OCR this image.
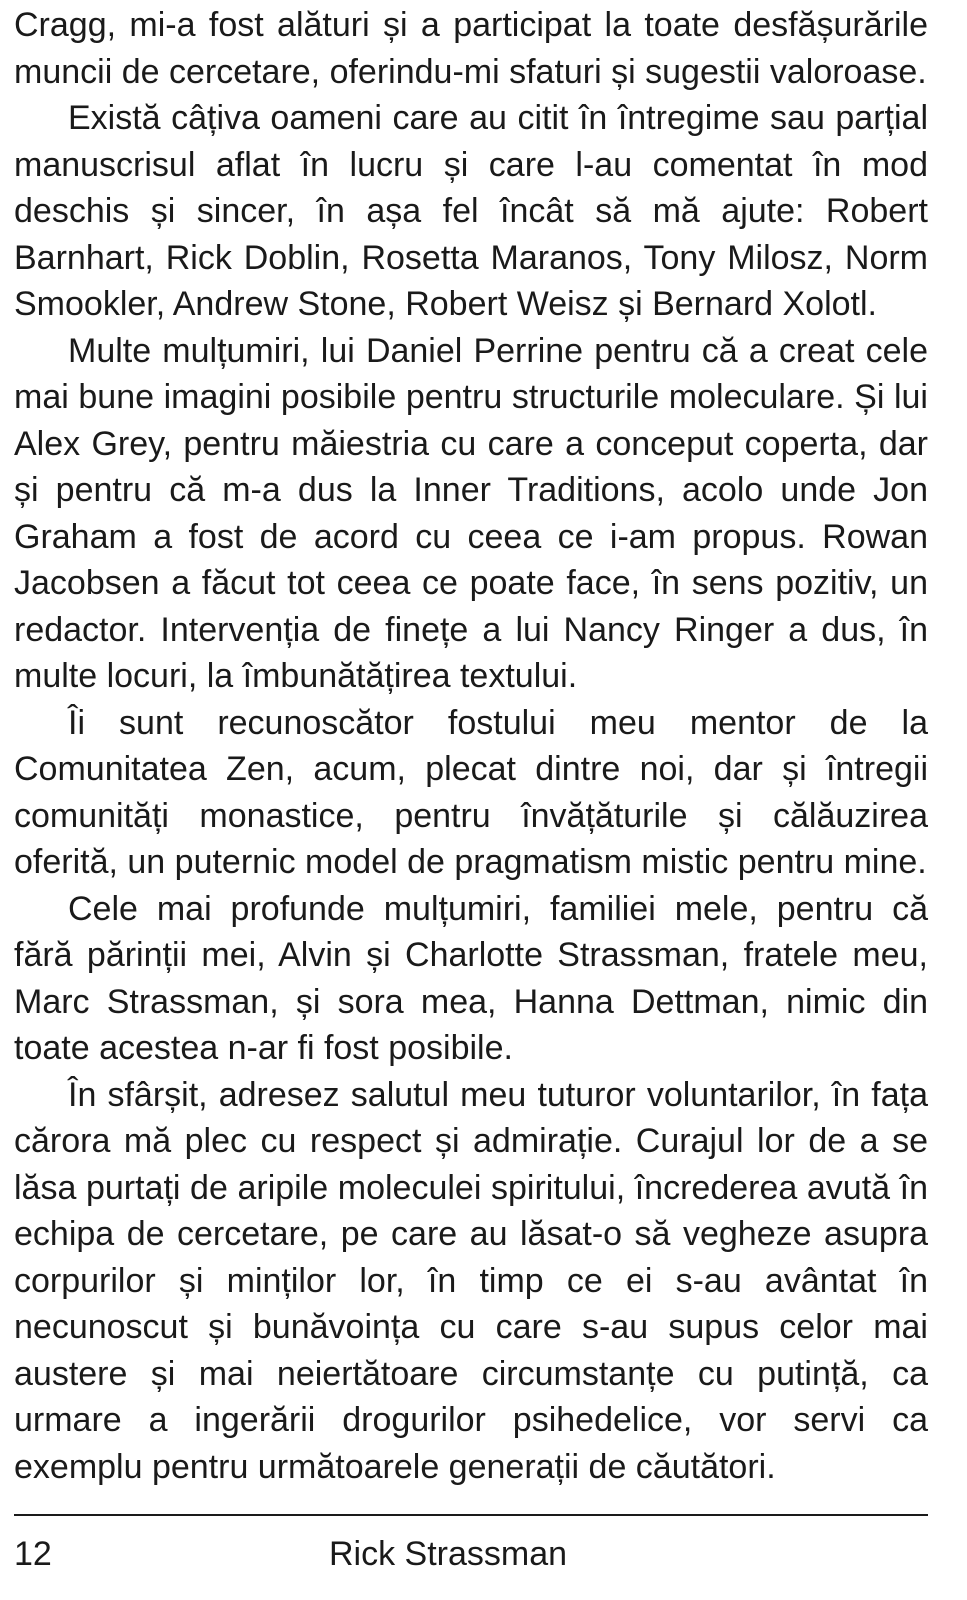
Cragg, mi-a fost alături și a participat la toate desfășurările muncii de cercetare, oferindu-mi sfaturi și sugestii valoroase.

Există câțiva oameni care au citit în întregime sau parțial manuscrisul aflat în lucru și care l-au comentat în mod deschis și sincer, în așa fel încât să mă ajute: Robert Barnhart, Rick Doblin, Rosetta Maranos, Tony Milosz, Norm Smookler, Andrew Stone, Robert Weisz și Bernard Xolotl.

Multe mulțumiri, lui Daniel Perrine pentru că a creat cele mai bune imagini posibile pentru structurile moleculare. Și lui Alex Grey, pentru măiestria cu care a conceput coperta, dar și pentru că m-a dus la Inner Traditions, acolo unde Jon Graham a fost de acord cu ceea ce i-am propus. Rowan Jacobsen a făcut tot ceea ce poate face, în sens pozitiv, un redactor. Intervenția de finețe a lui Nancy Ringer a dus, în multe locuri, la îmbunătățirea textului.

Îi sunt recunoscător fostului meu mentor de la Comunitatea Zen, acum, plecat dintre noi, dar și întregii comunități monastice, pentru învățăturile și călăuzirea oferită, un puternic model de pragmatism mistic pentru mine.

Cele mai profunde mulțumiri, familiei mele, pentru că fără părinții mei, Alvin și Charlotte Strassman, fratele meu, Marc Strassman, și sora mea, Hanna Dettman, nimic din toate acestea n-ar fi fost posibile.

În sfârșit, adresez salutul meu tuturor voluntarilor, în fața cărora mă plec cu respect și admirație. Curajul lor de a se lăsa purtați de aripile moleculei spiritului, încrederea avută în echipa de cercetare, pe care au lăsat-o să vegheze asupra corpurilor și minților lor, în timp ce ei s-au avântat în necunoscut și bunăvoința cu care s-au supus celor mai austere și mai neiertătoare circumstanțe cu putință, ca urmare a ingerării drogurilor psihedelice, vor servi ca exemplu pentru următoarele generații de căutători.

12	Rick Strassman
